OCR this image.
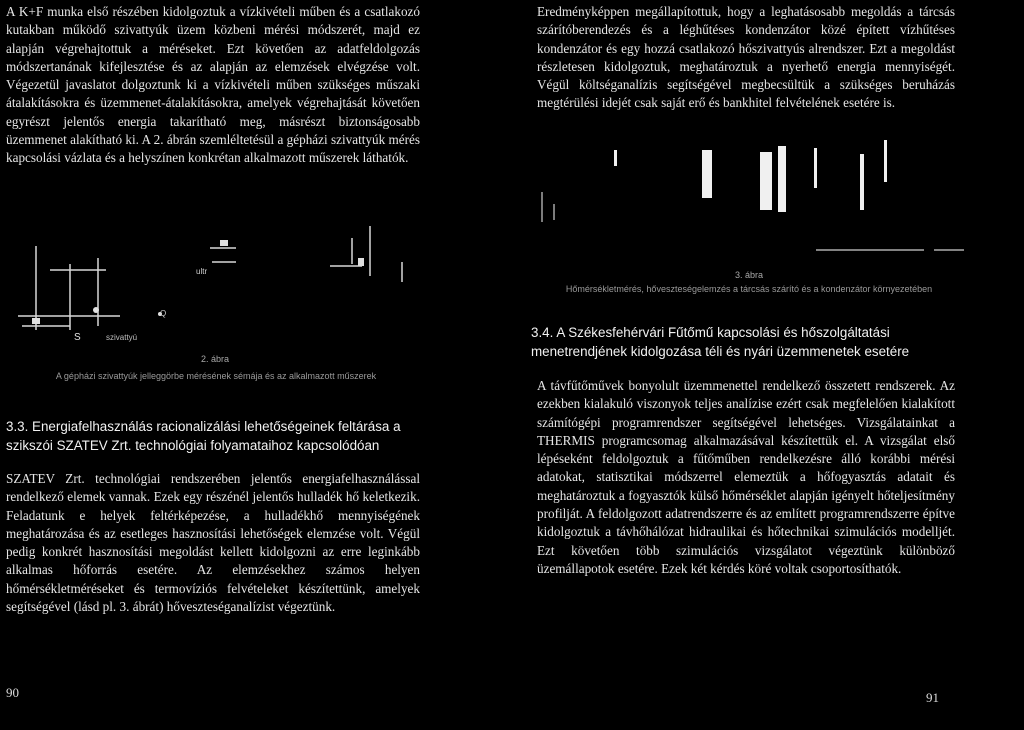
A K+F munka első részében kidolgoztuk a vízkivételi műben és a csatlakozó kutakban működő szivattyúk üzem közbeni mérési módszerét, majd ez alapján végrehajtottuk a méréseket. Ezt követően az adatfeldolgozás módszertanának kifejlesztése és az alapján az elemzések elvégzése volt. Végezetül javaslatot dolgoztunk ki a vízkivételi műben szükséges műszaki átalakításokra és üzemmenet-átalakításokra, amelyek végrehajtását követően egyrészt jelentős energia takarítható meg, másrészt biztonságosabb üzemmenet alakítható ki. A 2. ábrán szemléltetésül a gépházi szivattyúk mérés kapcsolási vázlata és a helyszínen konkrétan alkalmazott műszerek láthatók.

S
Q
ultr
szivattyú

2. ábra

A gépházi szivattyúk jelleggörbe mérésének sémája és az alkalmazott műszerek

3.3. Energiafelhasználás racionalizálási lehetőségeinek feltárása a szikszói SZATEV Zrt. technológiai folyamataihoz kapcsolódóan

SZATEV Zrt. technológiai rendszerében jelentős energiafelhasználással rendelkező elemek vannak. Ezek egy részénél jelentős hulladék hő keletkezik. Feladatunk e helyek feltérképezése, a hulladékhő mennyiségének meghatározása és az esetleges hasznosítási lehetőségek elemzése volt. Végül pedig konkrét hasznosítási megoldást kellett kidolgozni az erre leginkább alkalmas hőforrás esetére. Az elemzésekhez számos helyen hőmérsékletméréseket és termovíziós felvételeket készítettünk, amelyek segítségével (lásd pl. 3. ábrát) hőveszteséganalízist végeztünk.

90

Eredményképpen megállapítottuk, hogy a leghatásosabb megoldás a tárcsás szárítóberendezés és a léghűtéses kondenzátor közé épített vízhűtéses kondenzátor és egy hozzá csatlakozó hőszivattyús alrendszer. Ezt a megoldást részletesen kidolgoztuk, meghatároztuk a nyerhető energia mennyiségét. Végül költséganalízis segítségével megbecsültük a szükséges beruházás megtérülési idejét csak saját erő és bankhitel felvételének esetére is.

3. ábra

Hőmérsékletmérés, hőveszteségelemzés a tárcsás szárító és a kondenzátor környezetében

3.4. A Székesfehérvári Fűtőmű kapcsolási és hőszolgáltatási menetrendjének kidolgozása téli és nyári üzemmenetek esetére

A távfűtőművek bonyolult üzemmenettel rendelkező összetett rendszerek. Az ezekben kialakuló viszonyok teljes analízise ezért csak megfelelően kialakított számítógépi programrendszer segítségével lehetséges. Vizsgálatainkat a THERMIS programcsomag alkalmazásával készítettük el. A vizsgálat első lépéseként feldolgoztuk a fűtőműben rendelkezésre álló korábbi mérési adatokat, statisztikai módszerrel elemeztük a hőfogyasztás adatait és meghatároztuk a fogyasztók külső hőmérséklet alapján igényelt hőteljesítmény profilját. A feldolgozott adatrendszerre és az említett programrendszerre építve kidolgoztuk a távhőhálózat hidraulikai és hőtechnikai szimulációs modelljét. Ezt követően több szimulációs vizsgálatot végeztünk különböző üzemállapotok esetére. Ezek két kérdés köré voltak csoportosíthatók.

91
